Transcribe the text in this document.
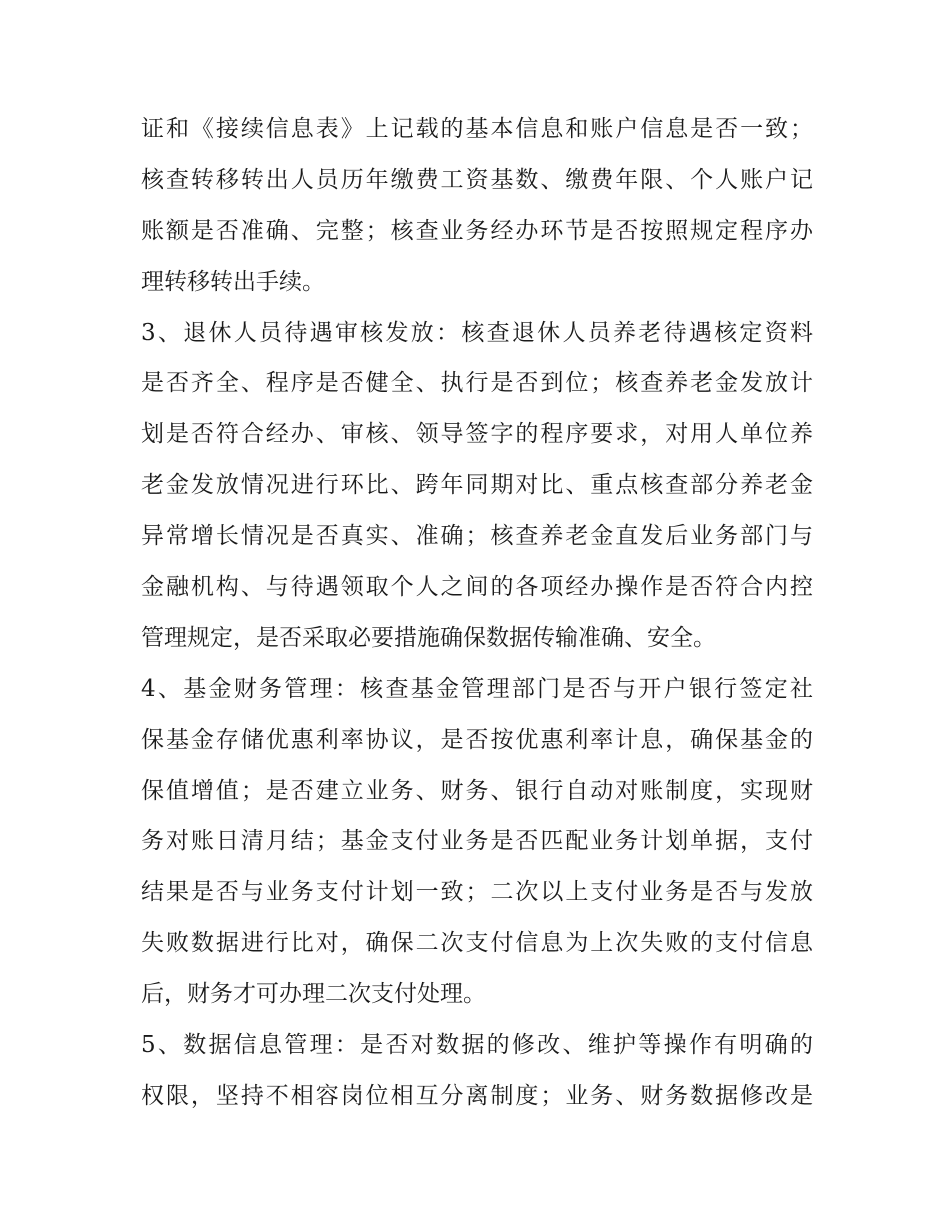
证和《接续信息表》上记载的基本信息和账户信息是否一致；
核查转移转出人员历年缴费工资基数、缴费年限、个人账户记
账额是否准确、完整；核查业务经办环节是否按照规定程序办
理转移转出手续。
3、退休人员待遇审核发放：核查退休人员养老待遇核定资料
是否齐全、程序是否健全、执行是否到位；核查养老金发放计
划是否符合经办、审核、领导签字的程序要求，对用人单位养
老金发放情况进行环比、跨年同期对比、重点核查部分养老金
异常增长情况是否真实、准确；核查养老金直发后业务部门与
金融机构、与待遇领取个人之间的各项经办操作是否符合内控
管理规定，是否采取必要措施确保数据传输准确、安全。
4、基金财务管理：核查基金管理部门是否与开户银行签定社
保基金存储优惠利率协议，是否按优惠利率计息，确保基金的
保值增值；是否建立业务、财务、银行自动对账制度，实现财
务对账日清月结；基金支付业务是否匹配业务计划单据，支付
结果是否与业务支付计划一致；二次以上支付业务是否与发放
失败数据进行比对，确保二次支付信息为上次失败的支付信息
后，财务才可办理二次支付处理。
5、数据信息管理：是否对数据的修改、维护等操作有明确的
权限，坚持不相容岗位相互分离制度；业务、财务数据修改是
